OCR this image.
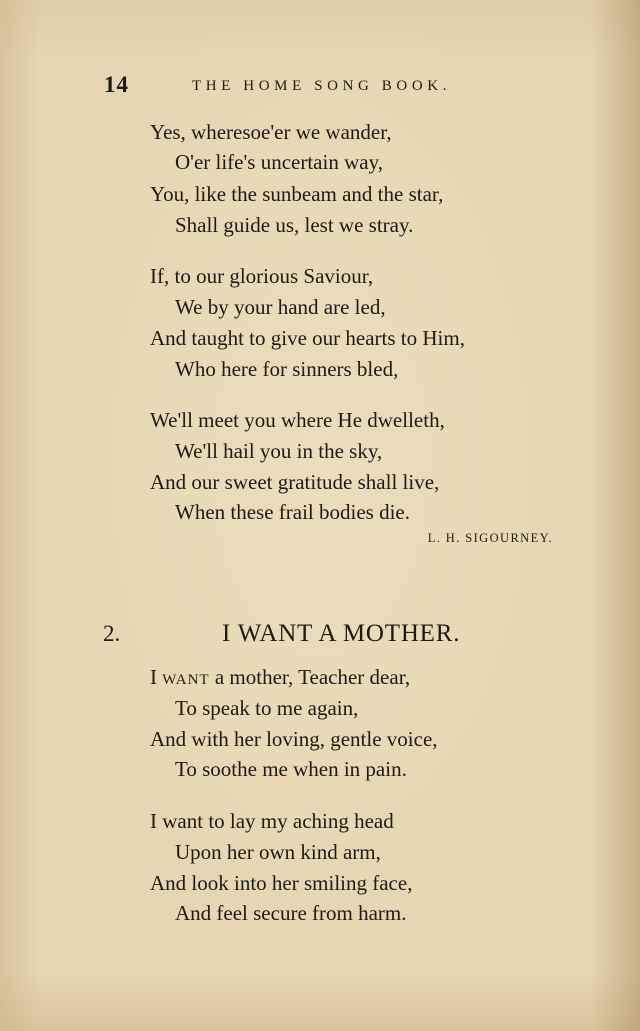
14	THE HOME SONG BOOK.
Yes, wheresoe'er we wander,
O'er life's uncertain way,
You, like the sunbeam and the star,
Shall guide us, lest we stray.
If, to our glorious Saviour,
We by your hand are led,
And taught to give our hearts to Him,
Who here for sinners bled,
We'll meet you where He dwelleth,
We'll hail you in the sky,
And our sweet gratitude shall live,
When these frail bodies die.
L. H. SIGOURNEY.
2.	I WANT A MOTHER.
I WANT a mother, Teacher dear,
To speak to me again,
And with her loving, gentle voice,
To soothe me when in pain.
I want to lay my aching head
Upon her own kind arm,
And look into her smiling face,
And feel secure from harm.
